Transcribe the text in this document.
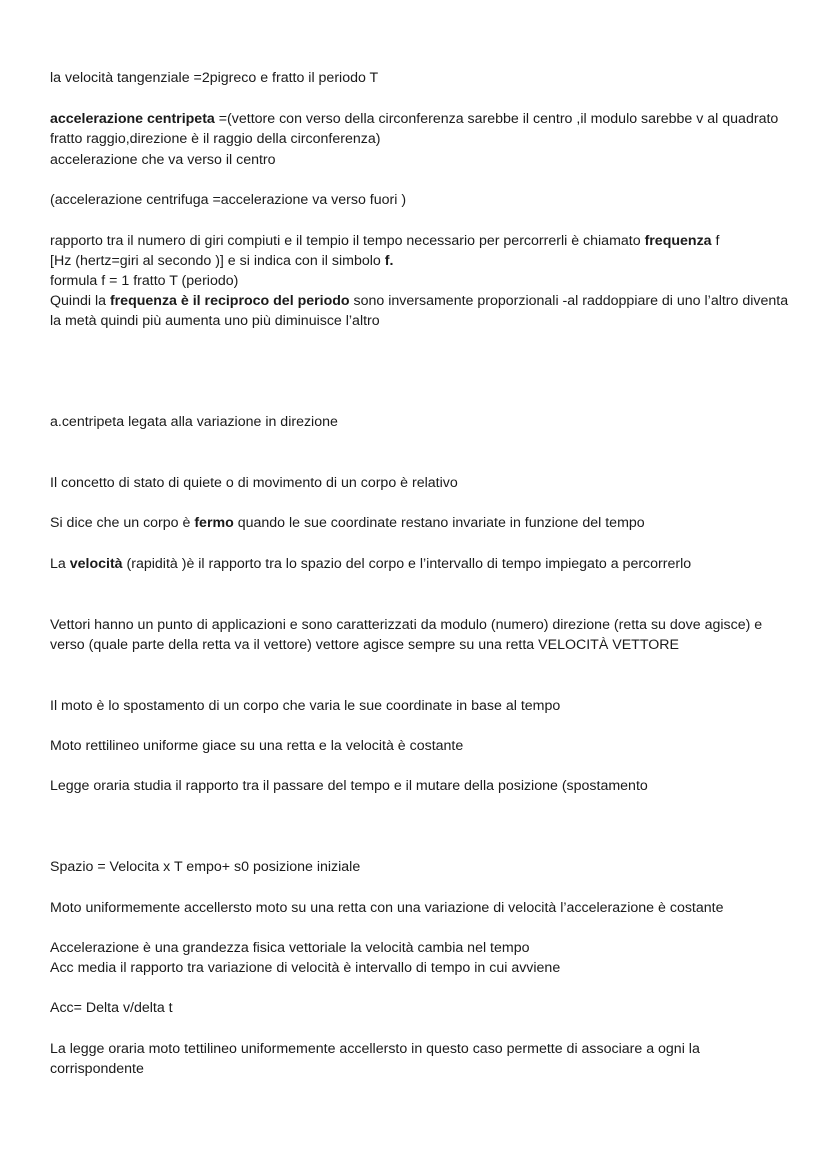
la velocità tangenziale =2pigreco e fratto il periodo T

accelerazione centripeta =(vettore con verso della circonferenza sarebbe il centro ,il modulo sarebbe v al quadrato fratto raggio,direzione è il raggio della circonferenza)

accelerazione che va verso il centro

(accelerazione centrifuga =accelerazione va verso fuori )

rapporto tra il numero di giri compiuti e il tempio il tempo necessario per percorrerli è chiamato frequenza f

[Hz (hertz=giri al secondo )] e si indica con il simbolo f.

formula f = 1 fratto T (periodo)

Quindi la frequenza è il reciproco del periodo sono inversamente proporzionali -al raddoppiare di uno l’altro diventa la metà quindi più aumenta uno più diminuisce l’altro

a.centripeta legata alla variazione in direzione

Il concetto di stato di quiete o di movimento di un corpo è relativo

Si dice che un corpo è fermo quando le sue coordinate restano invariate in funzione del tempo

La velocità (rapidità )è il rapporto tra lo spazio del corpo e l’intervallo di tempo impiegato a percorrerlo

Vettori hanno un punto di applicazioni e sono caratterizzati da modulo (numero) direzione (retta su dove agisce) e verso (quale parte della retta va il vettore) vettore agisce sempre su una retta VELOCITÀ VETTORE

Il moto è lo spostamento di un corpo che varia le sue coordinate in base al tempo

Moto rettilineo uniforme giace su una retta e la velocità è costante

Legge oraria studia il rapporto tra il passare del tempo e il mutare della posizione (spostamento

Spazio = Velocita x T empo+ s0 posizione iniziale

Moto uniformemente accellersto moto su una retta con una variazione di velocità l’accelerazione è costante

Accelerazione è una grandezza fisica vettoriale la velocità cambia nel tempo

Acc media il rapporto tra variazione di velocità è intervallo di tempo in cui avviene

Acc= Delta v/delta t

La legge oraria moto tettilineo uniformemente accellersto in questo caso permette di associare a ogni la corrispondente
